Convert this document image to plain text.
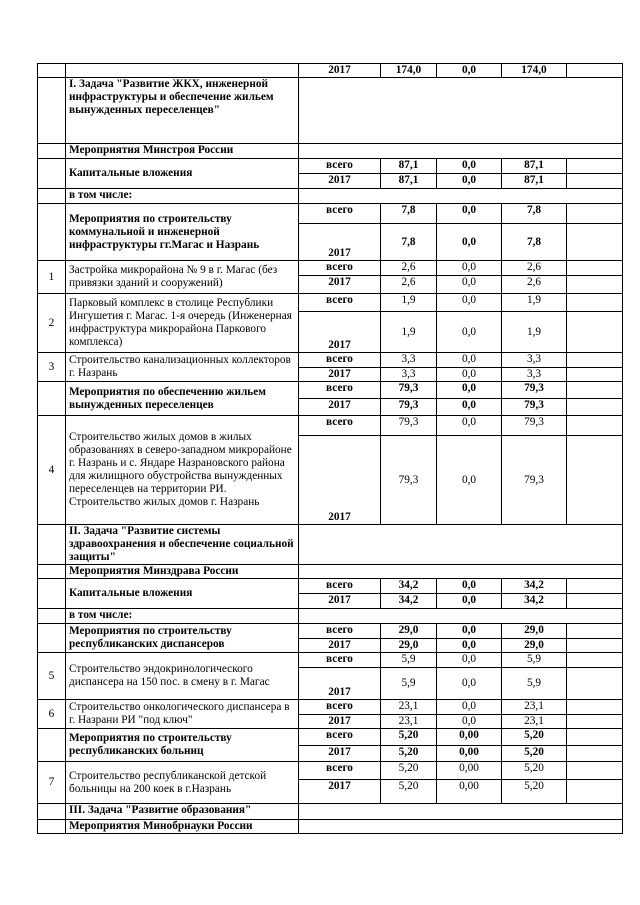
		2017	174,0	0,0	174,0	
	I. Задача "Развитие ЖКХ, инженерной инфраструктуры и обеспечение жильем вынужденных переселенцев"					
	Мероприятия Минстроя России					
	Капитальные вложения	всего	87,1	0,0	87,1	
		2017	87,1	0,0	87,1	
	в том числе:					
	Мероприятия по строительству коммунальной и инженерной инфраструктуры гг.Магас и Назрань	всего	7,8	0,0	7,8	
		2017	7,8	0,0	7,8	
1	Застройка микрорайона № 9 в г. Магас (без привязки зданий и сооружений)	всего	2,6	0,0	2,6	
		2017	2,6	0,0	2,6	
2	Парковый комплекс в столице Республики Ингушетия г. Магас. 1-я очередь (Инженерная инфраструктура микрорайона Паркового комплекса)	всего	1,9	0,0	1,9	
		2017	1,9	0,0	1,9	
3	Строительство канализационных коллекторов г. Назрань	всего	3,3	0,0	3,3	
		2017	3,3	0,0	3,3	
	Мероприятия по обеспечению жильем вынужденных переселенцев	всего	79,3	0,0	79,3	
		2017	79,3	0,0	79,3	
4	Строительство жилых домов в жилых образованиях в северо-западном микрорайоне г. Назрань и с. Яндаре Назрановского района для жилищного обустройства вынужденных переселенцев на территории РИ. Строительство жилых домов г. Назрань	всего	79,3	0,0	79,3	
		2017	79,3	0,0	79,3	
	II. Задача "Развитие системы здравоохранения и обеспечение социальной защиты"					
	Мероприятия Минздрава России					
	Капитальные вложения	всего	34,2	0,0	34,2	
		2017	34,2	0,0	34,2	
	в том числе:					
	Мероприятия по строительству республиканских диспансеров	всего	29,0	0,0	29,0	
		2017	29,0	0,0	29,0	
5	Строительство эндокринологического диспансера на 150 пос. в смену в г. Магас	всего	5,9	0,0	5,9	
		2017	5,9	0,0	5,9	
6	Строительство онкологического диспансера в г. Назрани РИ "под ключ"	всего	23,1	0,0	23,1	
		2017	23,1	0,0	23,1	
	Мероприятия по строительству республиканских больниц	всего	5,20	0,00	5,20	
		2017	5,20	0,00	5,20	
7	Строительство республиканской детской больницы на 200 коек в г.Назрань	всего	5,20	0,00	5,20	
		2017	5,20	0,00	5,20	
	III. Задача "Развитие образования"					
	Мероприятия Минобрнауки России					
